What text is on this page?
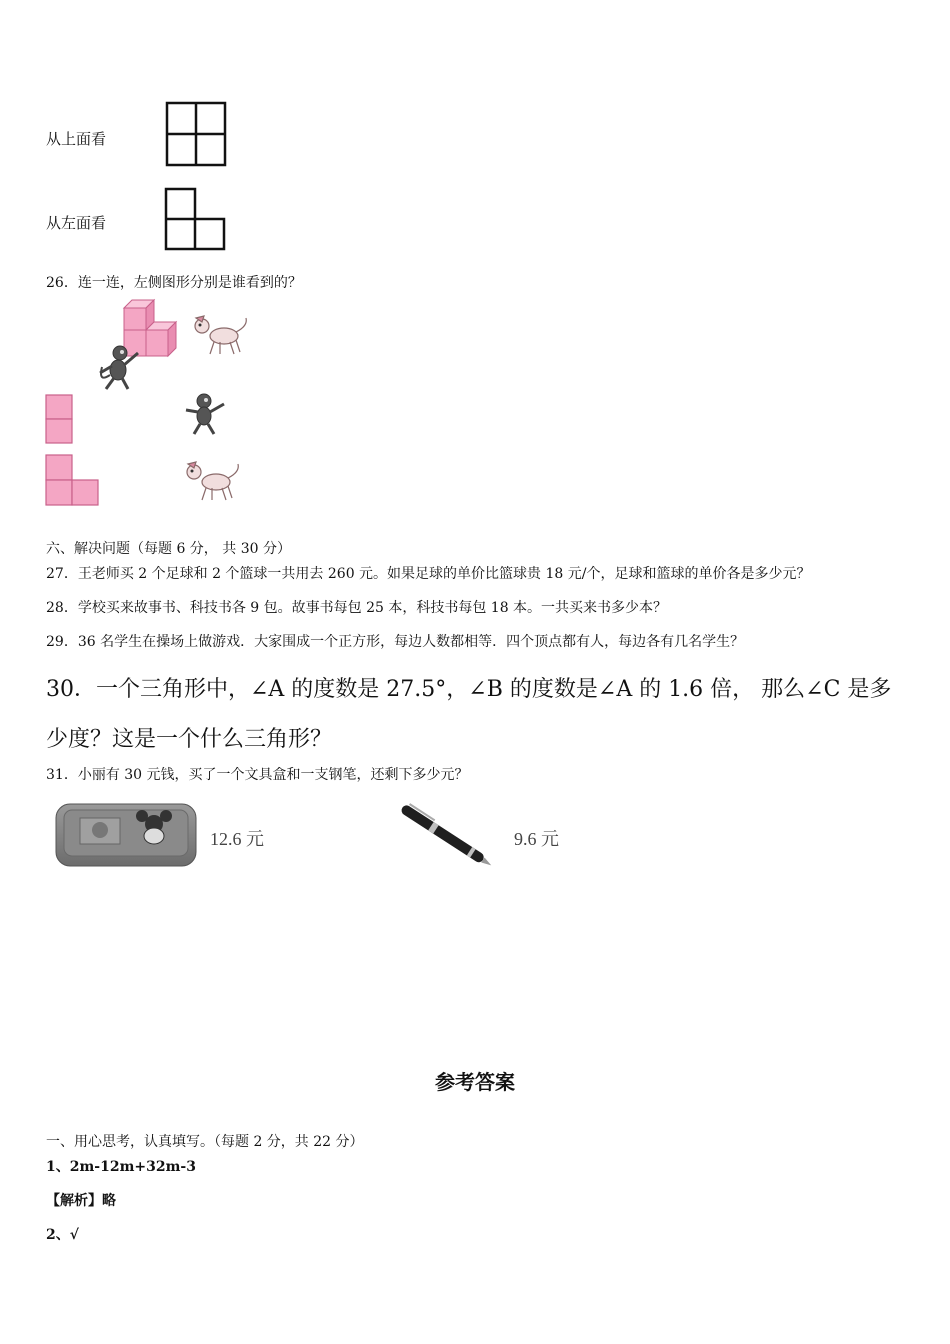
从上面看
从左面看
26．连一连，左侧图形分别是谁看到的？
六、解决问题（每题 6 分， 共 30 分）
27．王老师买 2 个足球和 2 个篮球一共用去 260 元。如果足球的单价比篮球贵 18 元/个，足球和篮球的单价各是多少元？
28．学校买来故事书、科技书各 9 包。故事书每包 25 本，科技书每包 18 本。一共买来书多少本？
29．36 名学生在操场上做游戏．大家围成一个正方形，每边人数都相等．四个顶点都有人，每边各有几名学生？
30．一个三角形中，∠A 的度数是 27.5°，∠B 的度数是∠A 的 1.6 倍， 那么∠C 是多
少度？这是一个什么三角形？
31．小丽有 30 元钱，买了一个文具盒和一支钢笔，还剩下多少元？
12.6 元	9.6 元
参考答案
一、用心思考，认真填写。（每题 2 分，共 22 分）
1、2m-12m+32m-3
【解析】略
2、√
